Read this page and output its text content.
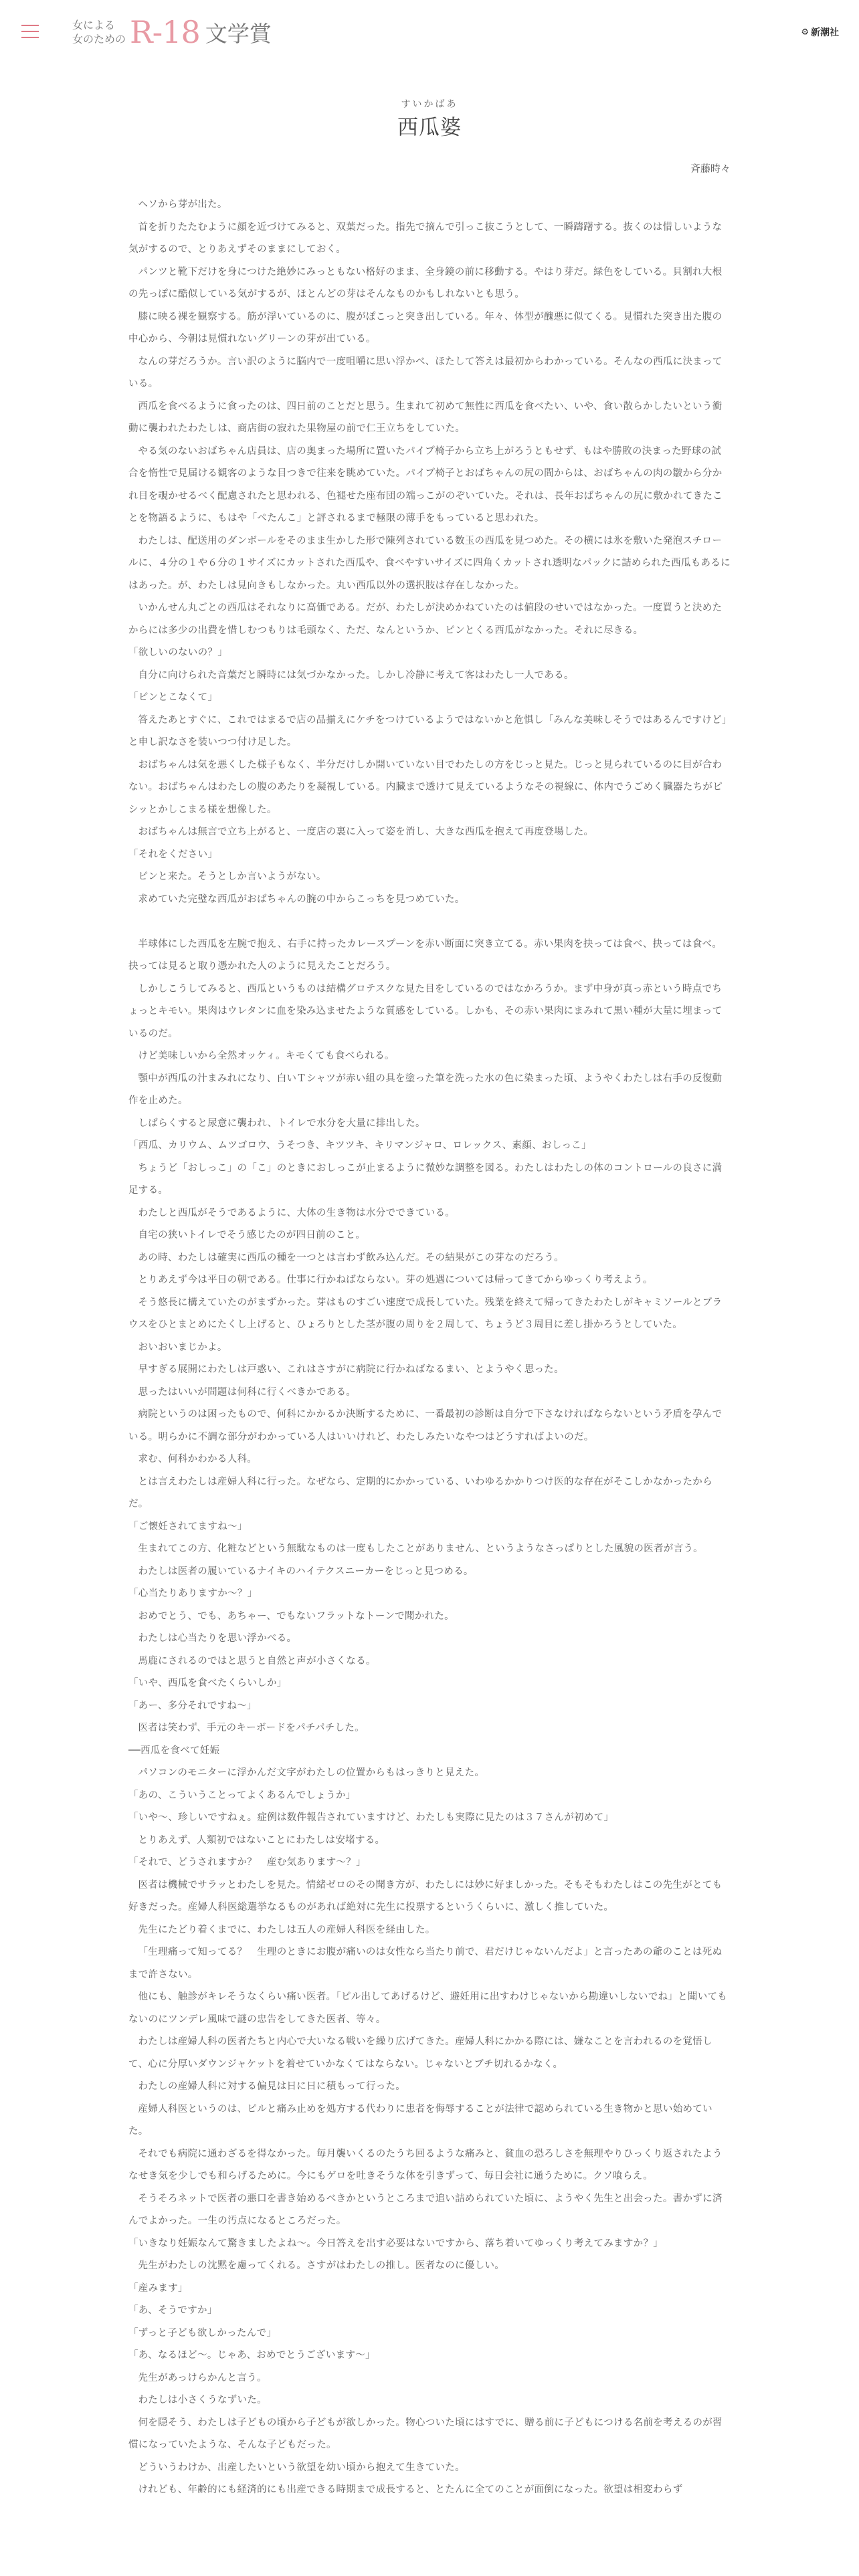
女による
女のための R-18 文学賞	⚙ 新潮社
すいかばあ
西瓜婆
斉藤時々

ヘソから芽が出た。

首を折りたたむように顔を近づけてみると、双葉だった。指先で摘んで引っこ抜こうとして、一瞬躊躇する。抜くのは惜しいような気がするので、とりあえずそのままにしておく。

パンツと靴下だけを身につけた絶妙にみっともない格好のまま、全身鏡の前に移動する。やはり芽だ。緑色をしている。貝割れ大根の先っぽに酷似している気がするが、ほとんどの芽はそんなものかもしれないとも思う。

膝に映る裸を観察する。筋が浮いているのに、腹がぽこっと突き出している。年々、体型が醜悪に似てくる。見慣れた突き出た腹の中心から、今朝は見慣れないグリーンの芽が出ている。

なんの芽だろうか。言い訳のように脳内で一度咀嚼に思い浮かべ、ほたして答えは最初からわかっている。そんなの西瓜に決まっている。

西瓜を食べるように食ったのは、四日前のことだと思う。生まれて初めて無性に西瓜を食べたい、いや、食い散らかしたいという衝動に襲われたわたしは、商店街の寂れた果物屋の前で仁王立ちをしていた。

やる気のないおばちゃん店員は、店の奥まった場所に置いたパイプ椅子から立ち上がろうともせず、もはや勝敗の決まった野球の試合を惰性で見届ける観客のような目つきで往来を眺めていた。パイプ椅子とおばちゃんの尻の間からは、おばちゃんの肉の皺から分かれ目を覗かせるべく配慮されたと思われる、色褪せた座布団の端っこがのぞいていた。それは、長年おばちゃんの尻に敷かれてきたことを物語るように、もはや「ぺたんこ」と評されるまで極限の薄手をもっていると思われた。

わたしは、配送用のダンボールをそのまま生かした形で陳列されている数玉の西瓜を見つめた。その横には氷を敷いた発泡スチロールに、４分の１や６分の１サイズにカットされた西瓜や、食べやすいサイズに四角くカットされ透明なパックに詰められた西瓜もあるにはあった。が、わたしは見向きもしなかった。丸い西瓜以外の選択肢は存在しなかった。

いかんせん丸ごとの西瓜はそれなりに高価である。だが、わたしが決めかねていたのは値段のせいではなかった。一度買うと決めたからには多少の出費を惜しむつもりは毛頭なく、ただ、なんというか、ピンとくる西瓜がなかった。それに尽きる。

「欲しいのないの？」

自分に向けられた音葉だと瞬時には気づかなかった。しかし冷静に考えて客はわたし一人である。

「ピンとこなくて」

答えたあとすぐに、これではまるで店の品揃えにケチをつけているようではないかと危惧し「みんな美味しそうではあるんですけど」と申し訳なさを装いつつ付け足した。

おばちゃんは気を悪くした様子もなく、半分だけしか開いていない目でわたしの方をじっと見た。じっと見られているのに目が合わない。おばちゃんはわたしの腹のあたりを凝視している。内臓まで透けて見えているようなその視線に、体内でうごめく臓器たちがピシッとかしこまる様を想像した。

おばちゃんは無言で立ち上がると、一度店の裏に入って姿を消し、大きな西瓜を抱えて再度登場した。

「それをください」

ピンと来た。そうとしか言いようがない。

求めていた完璧な西瓜がおばちゃんの腕の中からこっちを見つめていた。

半球体にした西瓜を左腕で抱え、右手に持ったカレースプーンを赤い断面に突き立てる。赤い果肉を抉っては食べ、抉っては食べ。抉っては見ると取り憑かれた人のように見えたことだろう。

しかしこうしてみると、西瓜というものは結構グロテスクな見た目をしているのではなかろうか。まず中身が真っ赤という時点でちょっとキモい。果肉はウレタンに血を染み込ませたような質感をしている。しかも、その赤い果肉にまみれて黒い種が大量に埋まっているのだ。

けど美味しいから全然オッケィ。キモくても食べられる。

顎中が西瓜の汁まみれになり、白いＴシャツが赤い組の具を塗った筆を洗った水の色に染まった頃、ようやくわたしは右手の反復動作を止めた。

しばらくすると尿意に襲われ、トイレで水分を大量に排出した。

「西瓜、カリウム、ムツゴロウ、うそつき、キツツキ、キリマンジャロ、ロレックス、素顔、おしっこ」

ちょうど「おしっこ」の「こ」のときにおしっこが止まるように微妙な調整を図る。わたしはわたしの体のコントロールの良さに満足する。

わたしと西瓜がそうであるように、大体の生き物は水分でできている。

自宅の狭いトイレでそう感じたのが四日前のこと。

あの時、わたしは確実に西瓜の種を一つとは言わず飲み込んだ。その結果がこの芽なのだろう。

とりあえず今は平日の朝である。仕事に行かねばならない。芽の処遇については帰ってきてからゆっくり考えよう。

そう悠長に構えていたのがまずかった。芽はものすごい速度で成長していた。残業を終えて帰ってきたわたしがキャミソールとブラウスをひとまとめにたくし上げると、ひょろりとした茎が腹の周りを２周して、ちょうど３周目に差し掛かろうとしていた。

おいおいまじかよ。

早すぎる展開にわたしは戸惑い、これはさすがに病院に行かねばなるまい、とようやく思った。

思ったはいいが問題は何科に行くべきかである。

病院というのは困ったもので、何科にかかるか決断するために、一番最初の診断は自分で下さなければならないという矛盾を孕んでいる。明らかに不調な部分がわかっている人はいいけれど、わたしみたいなやつはどうすればよいのだ。

求む、何科かわかる人科。

とは言えわたしは産婦人科に行った。なぜなら、定期的にかかっている、いわゆるかかりつけ医的な存在がそこしかなかったから だ。

「ご懐妊されてますね〜」

生まれてこの方、化粧などという無駄なものは一度もしたことがありません、というようなさっぱりとした風貌の医者が言う。

わたしは医者の履いているナイキのハイテクスニーカーをじっと見つめる。

「心当たりありますか〜？」

おめでとう、でも、あちゃー、でもないフラットなトーンで聞かれた。

わたしは心当たりを思い浮かべる。

馬鹿にされるのではと思うと自然と声が小さくなる。

「いや、西瓜を食べたくらいしか」

「あー、多分それですね〜」

医者は笑わず、手元のキーボードをパチパチした。

──西瓜を食べて妊娠

パソコンのモニターに浮かんだ文字がわたしの位置からもはっきりと見えた。

「あの、こういうことってよくあるんでしょうか」

「いや〜、珍しいですねぇ。症例は数件報告されていますけど、わたしも実際に見たのは３７さんが初めて」

とりあえず、人類初ではないことにわたしは安堵する。

「それで、どうされますか？　産む気あります〜？」

医者は機械でサラッとわたしを見た。情緒ゼロのその聞き方が、わたしには妙に好ましかった。そもそもわたしはこの先生がとても好きだった。産婦人科医総選挙なるものがあれば絶対に先生に投票するというくらいに、激しく推していた。

先生にたどり着くまでに、わたしは五人の産婦人科医を経由した。

「生理痛って知ってる？　生理のときにお腹が痛いのは女性なら当たり前で、君だけじゃないんだよ」と言ったあの爺のことは死ぬまで許さない。

他にも、触診がキレそうなくらい痛い医者。「ピル出してあげるけど、避妊用に出すわけじゃないから勘違いしないでね」と聞いてもないのにツンデレ風味で謎の忠告をしてきた医者、等々。

わたしは産婦人科の医者たちと内心で大いなる戦いを繰り広げてきた。産婦人科にかかる際には、嫌なことを言われるのを覚悟して、心に分厚いダウンジャケットを着せていかなくてはならない。じゃないとブチ切れるかなく。

わたしの産婦人科に対する偏見は日に日に積もって行った。

産婦人科医というのは、ピルと痛み止めを処方する代わりに患者を侮辱することが法律で認められている生き物かと思い始めていた。

それでも病院に通わざるを得なかった。毎月襲いくるのたうち回るような痛みと、貧血の恐ろしさを無理やりひっくり返されたようなせき気を少しでも和らげるために。今にもゲロを吐きそうな体を引きずって、毎日会社に通うために。クソ喰らえ。

そうそろネットで医者の悪口を書き始めるべきかというところまで追い詰められていた頃に、ようやく先生と出会った。書かずに済んでよかった。一生の汚点になるところだった。

「いきなり妊娠なんて驚きましたよね〜。今日答えを出す必要はないですから、落ち着いてゆっくり考えてみますか？」

先生がわたしの沈黙を慮ってくれる。さすがはわたしの推し。医者なのに優しい。

「産みます」

「あ、そうですか」

「ずっと子ども欲しかったんで」

「あ、なるほど〜。じゃあ、おめでとうございます〜」

先生があっけらかんと言う。

わたしは小さくうなずいた。

何を隠そう、わたしは子どもの頃から子どもが欲しかった。物心ついた頃にはすでに、贈る前に子どもにつける名前を考えるのが習慣になっていたような、そんな子どもだった。

どういうわけか、出産したいという欲望を幼い頃から抱えて生きていた。

けれども、年齢的にも経済的にも出産できる時期まで成長すると、とたんに全てのことが面倒になった。欲望は相変わらず
